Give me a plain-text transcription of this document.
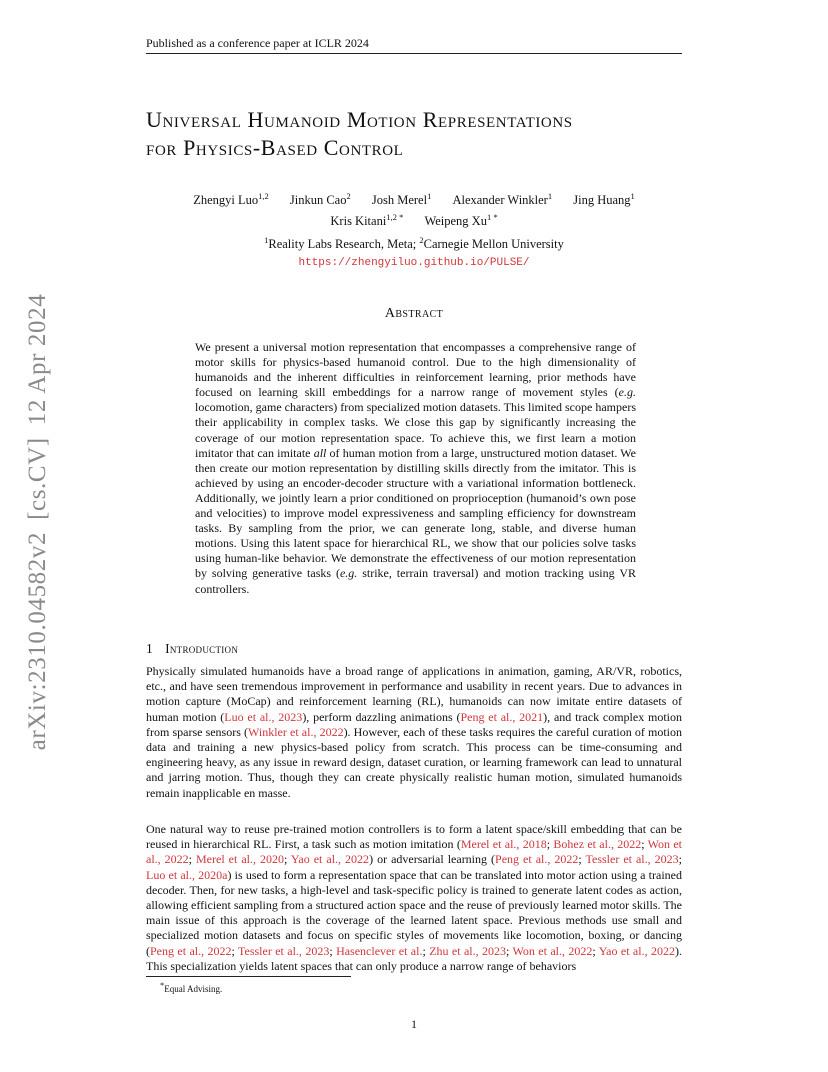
Published as a conference paper at ICLR 2024
Universal Humanoid Motion Representations
for Physics-Based Control
Zhengyi Luo$^{1,2}$ Jinkun Cao$^2$ Josh Merel$^1$ Alexander Winkler$^1$ Jing Huang$^1$
Kris Kitani$^{1,2 *}$ Weipeng $Xu^{1 *}$
$^1$Reality Labs Research, Meta; $^2$Carnegie Mellon University
https://zhengyiluo.github.io/PULSE/
Abstract
We present a universal motion representation that encompasses a comprehensive range of motor skills for physics-based humanoid control. Due to the high dimensionality of humanoids and the inherent difficulties in reinforcement learning, prior methods have focused on learning skill embeddings for a narrow range of movement styles (e.g. locomotion, game characters) from specialized motion datasets. This limited scope hampers their applicability in complex tasks. We close this gap by significantly increasing the coverage of our motion representation space. To achieve this, we first learn a motion imitator that can imitate all of human motion from a large, unstructured motion dataset. We then create our motion representation by distilling skills directly from the imitator. This is achieved by using an encoder-decoder structure with a variational information bottleneck. Additionally, we jointly learn a prior conditioned on proprioception (humanoid’s own pose and velocities) to improve model expressiveness and sampling efficiency for downstream tasks. By sampling from the prior, we can generate long, stable, and diverse human motions. Using this latent space for hierarchical RL, we show that our policies solve tasks using human-like behavior. We demonstrate the effectiveness of our motion representation by solving generative tasks (e.g. strike, terrain traversal) and motion tracking using VR controllers.
1 Introduction
Physically simulated humanoids have a broad range of applications in animation, gaming, AR/VR, robotics, etc., and have seen tremendous improvement in performance and usability in recent years. Due to advances in motion capture (MoCap) and reinforcement learning (RL), humanoids can now imitate entire datasets of human motion (Luo et al., 2023), perform dazzling animations (Peng et al., 2021), and track complex motion from sparse sensors (Winkler et al., 2022). However, each of these tasks requires the careful curation of motion data and training a new physics-based policy from scratch. This process can be time-consuming and engineering heavy, as any issue in reward design, dataset curation, or learning framework can lead to unnatural and jarring motion. Thus, though they can create physically realistic human motion, simulated humanoids remain inapplicable en masse.
One natural way to reuse pre-trained motion controllers is to form a latent space/skill embedding that can be reused in hierarchical RL. First, a task such as motion imitation (Merel et al., 2018; Bohez et al., 2022; Won et al., 2022; Merel et al., 2020; Yao et al., 2022) or adversarial learning (Peng et al., 2022; Tessler et al., 2023; Luo et al., 2020a) is used to form a representation space that can be translated into motor action using a trained decoder. Then, for new tasks, a high-level and task-specific policy is trained to generate latent codes as action, allowing efficient sampling from a structured action space and the reuse of previously learned motor skills. The main issue of this approach is the coverage of the learned latent space. Previous methods use small and specialized motion datasets and focus on specific styles of movements like locomotion, boxing, or dancing (Peng et al., 2022; Tessler et al., 2023; Hasenclever et al.; Zhu et al., 2023; Won et al., 2022; Yao et al., 2022). This specialization yields latent spaces that can only produce a narrow range of behaviors
*Equal Advising.
1
arXiv:2310.04582v2[cs.CV]12 Apr 2024
